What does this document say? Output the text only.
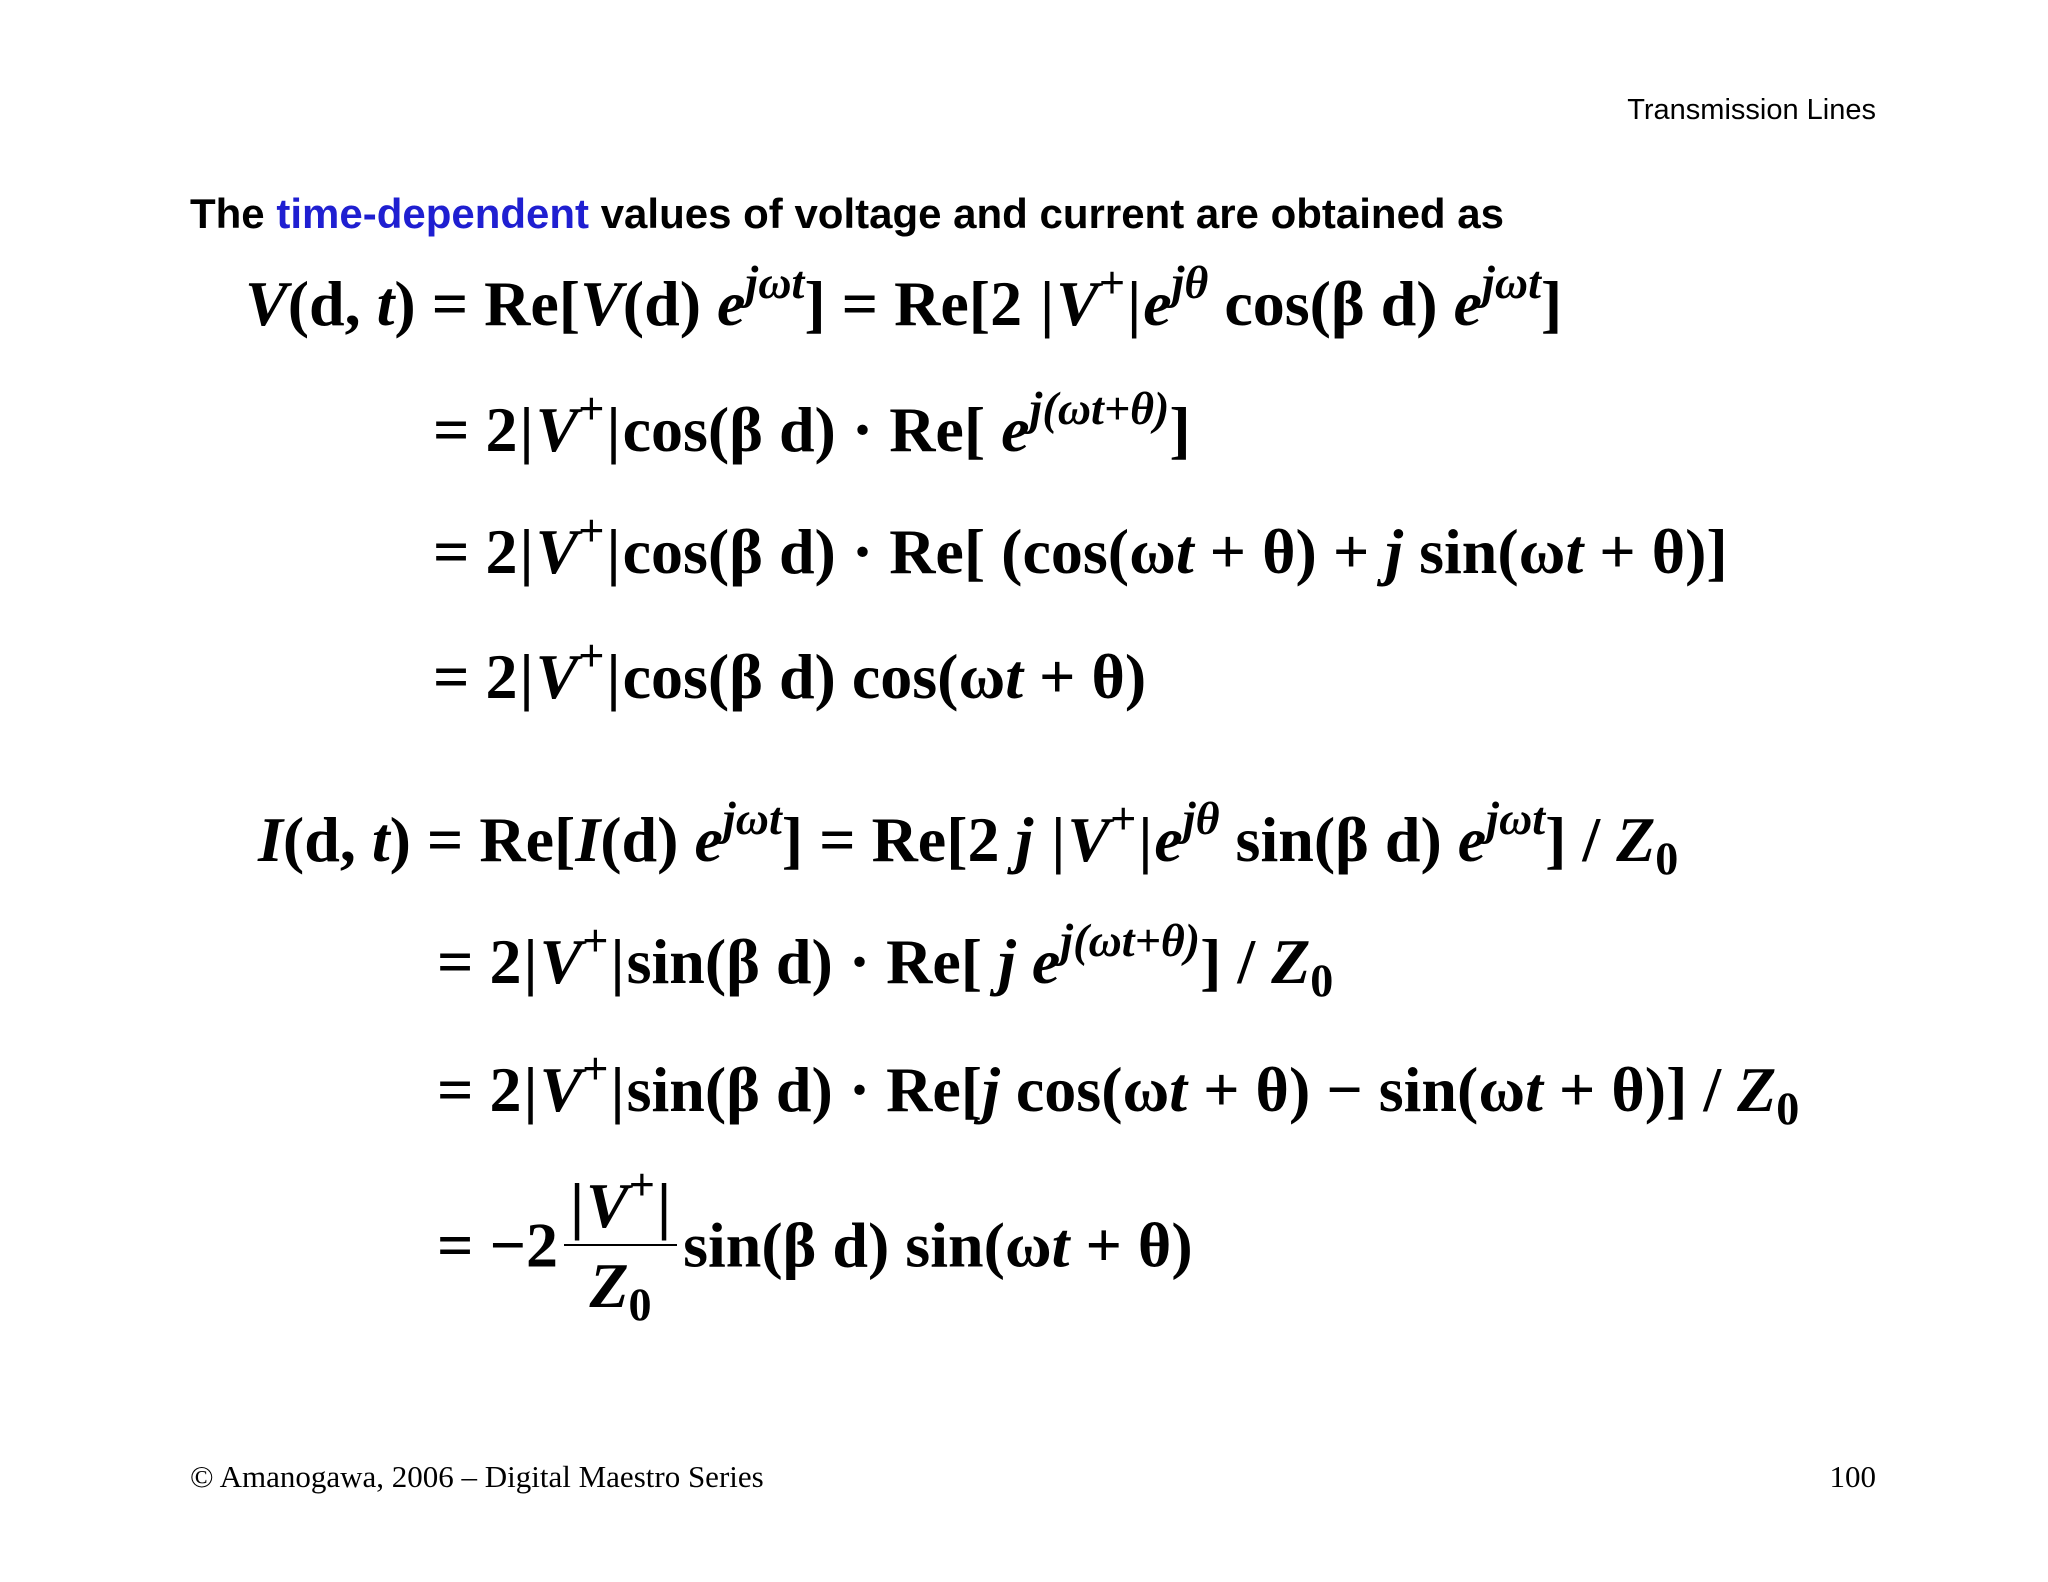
Transmission Lines
The time-dependent values of voltage and current are obtained as
V(d, t) = Re[V(d) $e^{j\omega t}] = Re[2$ $|V^+|e^{j\theta}$ cos(β d) $e^{j\omega t}$]
= 2|V+|cos(β d) · Re[ $e^{j(\omega t+\theta)}$]
= 2|V+|cos(β d) · Re[ (cos(ωt + θ) + j sin(ωt + θ)]
= 2|V+|cos(β d) cos(ωt + θ)
I(d, t) = Re[I(d) $e^{j\omega t}] = Re[2$ j $|V^+|e^{j\theta}$ sin(β d) $e^{j\omega t}] / Z_0$
= 2|V+|sin(β d) · Re[ j $e^{j(\omega t+\theta)}] / Z_0$
= 2|V+|sin(β d) · Re[j $\cos(\omega t + \theta) - \sin(\omega t + \theta)] / Z_0$
= $-2 \frac{|V^+|}{Z_0} \sin(\beta$ d) sin(ωt + θ)
© Amanogawa, 2006 – Digital Maestro Series	100
